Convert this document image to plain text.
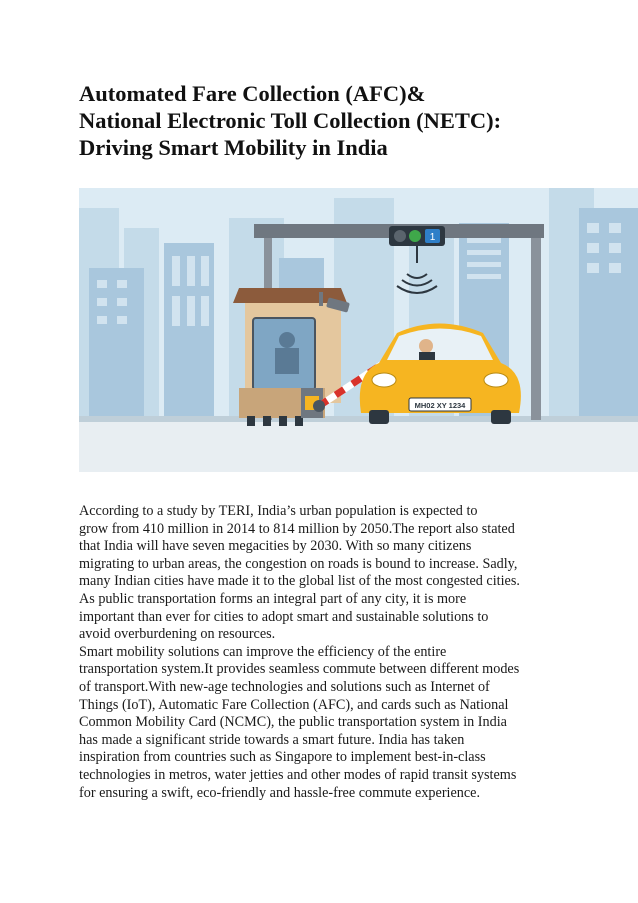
Automated Fare Collection (AFC)&
National Electronic Toll Collection (NETC):
Driving Smart Mobility in India
1
MH02 XY 1234
According to a study by TERI, India’s urban population is expected to
grow from 410 million in 2014 to 814 million by 2050.The report also stated
that India will have seven megacities by 2030. With so many citizens
migrating to urban areas, the congestion on roads is bound to increase. Sadly,
many Indian cities have made it to the global list of the most congested cities.
As public transportation forms an integral part of any city, it is more
important than ever for cities to adopt smart and sustainable solutions to
avoid overburdening on resources.
Smart mobility solutions can improve the efficiency of the entire
transportation system.It provides seamless commute between different modes
of transport.With new-age technologies and solutions such as Internet of
Things (IoT), Automatic Fare Collection (AFC), and cards such as National
Common Mobility Card (NCMC), the public transportation system in India
has made a significant stride towards a smart future. India has taken
inspiration from countries such as Singapore to implement best-in-class
technologies in metros, water jetties and other modes of rapid transit systems
for ensuring a swift, eco-friendly and hassle-free commute experience.
